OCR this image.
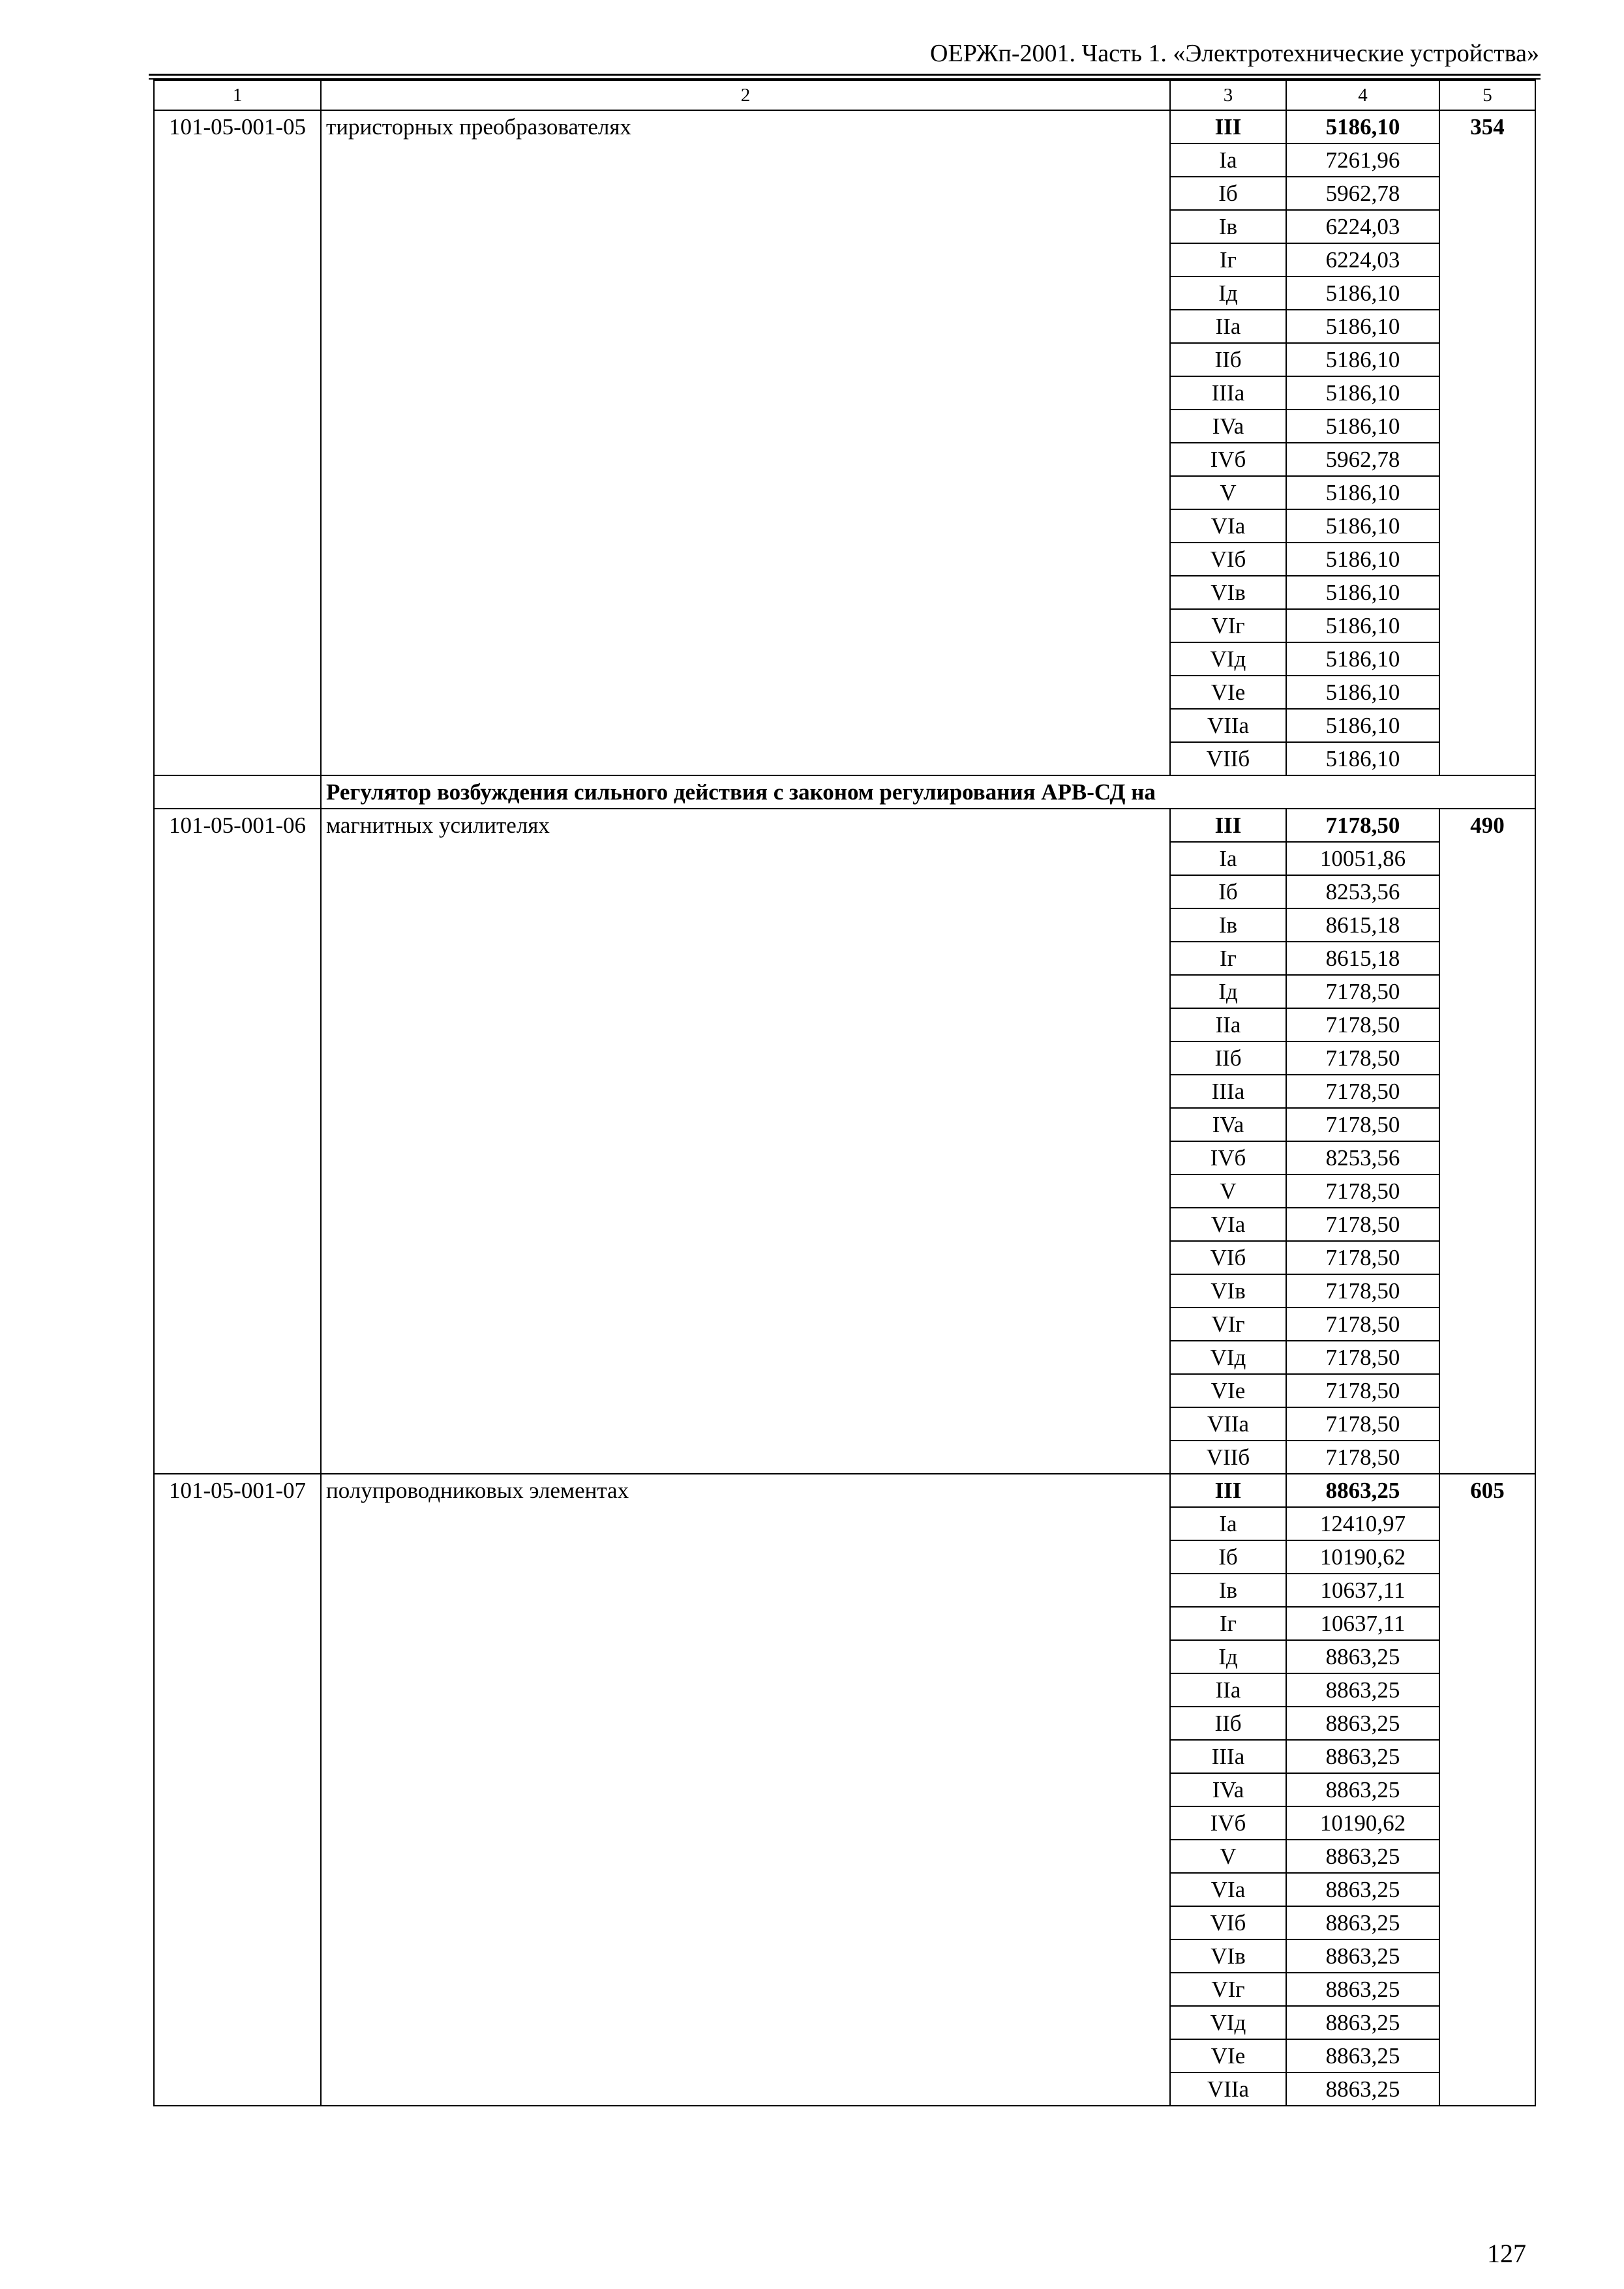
ОЕРЖп-2001. Часть 1. «Электротехнические устройства»
1	2	3	4	5
101-05-001-05	тиристорных преобразователях	III	5186,10	354
		Ia	7261,96	
		Iб	5962,78	
		Iв	6224,03	
		Iг	6224,03	
		Iд	5186,10	
		IIa	5186,10	
		IIб	5186,10	
		IIIa	5186,10	
		IVa	5186,10	
		IVб	5962,78	
		V	5186,10	
		VIa	5186,10	
		VIб	5186,10	
		VIв	5186,10	
		VIг	5186,10	
		VIд	5186,10	
		VIe	5186,10	
		VIIa	5186,10	
		VIIб	5186,10	
	Регулятор возбуждения сильного действия с законом регулирования АРВ-СД на			
101-05-001-06	магнитных усилителях	III	7178,50	490
		Ia	10051,86	
		Iб	8253,56	
		Iв	8615,18	
		Iг	8615,18	
		Iд	7178,50	
		IIa	7178,50	
		IIб	7178,50	
		IIIa	7178,50	
		IVa	7178,50	
		IVб	8253,56	
		V	7178,50	
		VIa	7178,50	
		VIб	7178,50	
		VIв	7178,50	
		VIг	7178,50	
		VIд	7178,50	
		VIe	7178,50	
		VIIa	7178,50	
		VIIб	7178,50	
101-05-001-07	полупроводниковых элементах	III	8863,25	605
		Ia	12410,97	
		Iб	10190,62	
		Iв	10637,11	
		Iг	10637,11	
		Iд	8863,25	
		IIa	8863,25	
		IIб	8863,25	
		IIIa	8863,25	
		IVa	8863,25	
		IVб	10190,62	
		V	8863,25	
		VIa	8863,25	
		VIб	8863,25	
		VIв	8863,25	
		VIг	8863,25	
		VIд	8863,25	
		VIe	8863,25	
		VIIa	8863,25	
127
